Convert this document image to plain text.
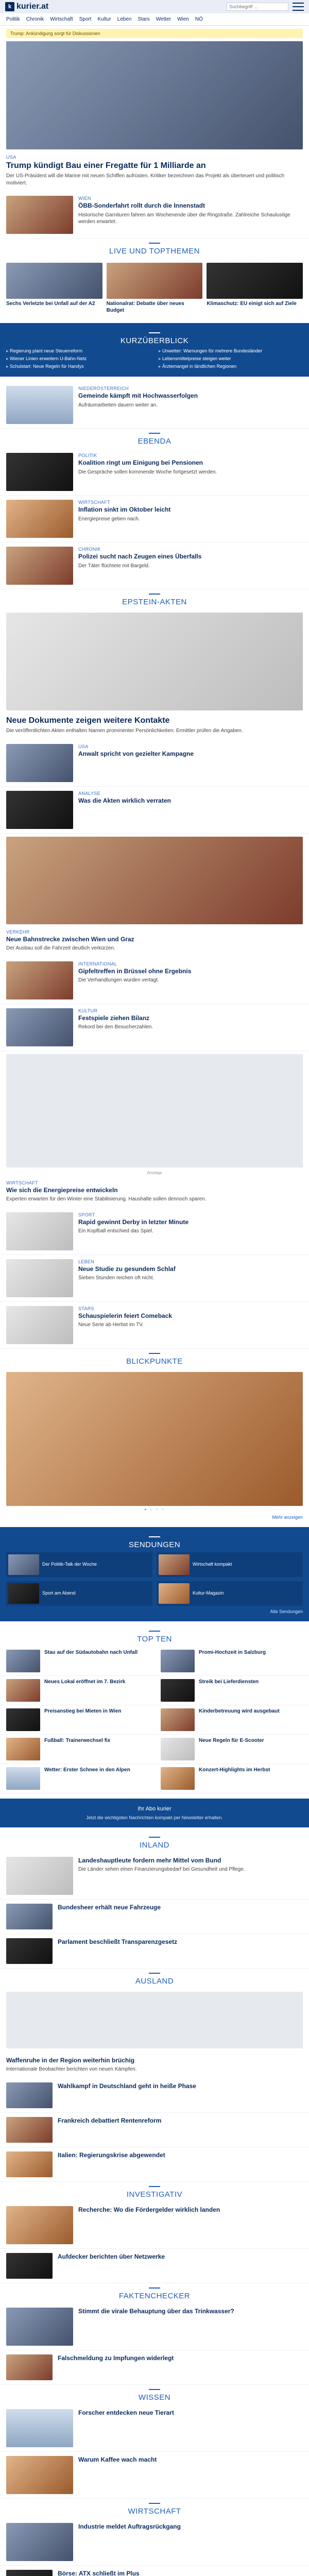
k kurier.at
Suchbegriff ...
Politik Chronik Wirtschaft Sport Kultur Leben Stars Wetter Wien NÖ
Trump: Ankündigung sorgt für Diskussionen
USA
Trump kündigt Bau einer Fregatte für 1 Milliarde an
Der US-Präsident will die Marine mit neuen Schiffen aufrüsten. Kritiker bezeichnen das Projekt als überteuert und politisch motiviert.
WIEN
ÖBB-Sonderfahrt rollt durch die Innenstadt
Historische Garnituren fahren am Wochenende über die Ringstraße. Zahlreiche Schaulustige werden erwartet.
LIVE UND TOPTHEMEN
Sechs Verletzte bei Unfall auf der A2	Nationalrat: Debatte über neues Budget
Klimaschutz: EU einigt sich auf Ziele
KURZÜBERBLICK
▸ Regierung plant neue Steuerreform	▸ Unwetter: Warnungen für mehrere Bundesländer
▸ Wiener Linien erweitern U-Bahn-Netz	▸ Lebensmittelpreise steigen weiter
▸ Schulstart: Neue Regeln für Handys	▸ Ärztemangel in ländlichen Regionen
NIEDERÖSTERREICH
Gemeinde kämpft mit Hochwasserfolgen
Aufräumarbeiten dauern weiter an.
EBENDA
POLITIK
Koalition ringt um Einigung bei Pensionen
Die Gespräche sollen kommende Woche fortgesetzt werden.
WIRTSCHAFT
Inflation sinkt im Oktober leicht
Energiepreise geben nach.
CHRONIK
Polizei sucht nach Zeugen eines Überfalls
Der Täter flüchtete mit Bargeld.
EPSTEIN-AKTEN
Neue Dokumente zeigen weitere Kontakte
Die veröffentlichten Akten enthalten Namen prominenter Persönlichkeiten. Ermittler prüfen die Angaben.
USA
Anwalt spricht von gezielter Kampagne
ANALYSE
Was die Akten wirklich verraten
VERKEHR
Neue Bahnstrecke zwischen Wien und Graz
Der Ausbau soll die Fahrzeit deutlich verkürzen.
INTERNATIONAL
Gipfeltreffen in Brüssel ohne Ergebnis
Die Verhandlungen wurden vertagt.
KULTUR
Festspiele ziehen Bilanz
Rekord bei den Besucherzahlen.
Anzeige
WIRTSCHAFT
Wie sich die Energiepreise entwickeln
Experten erwarten für den Winter eine Stabilisierung. Haushalte sollen dennoch sparen.
SPORT
Rapid gewinnt Derby in letzter Minute
Ein Kopfball entschied das Spiel.
LEBEN
Neue Studie zu gesundem Schlaf
Sieben Stunden reichen oft nicht.
STARS
Schauspielerin feiert Comeback
Neue Serie ab Herbst im TV.
BLICKPUNKTE
● ○ ○ ○
Mehr anzeigen
SENDUNGEN
Der Politik-Talk der Woche	Wirtschaft kompakt
Sport am Abend	Kultur-Magazin
Alle Sendungen
TOP TEN
Stau auf der Südautobahn nach Unfall
Neues Lokal eröffnet im 7. Bezirk
Preisanstieg bei Mieten in Wien
Fußball: Trainerwechsel fix
Wetter: Erster Schnee in den Alpen
Promi-Hochzeit in Salzburg
Streik bei Lieferdiensten
Kinderbetreuung wird ausgebaut
Neue Regeln für E-Scooter
Konzert-Highlights im Herbst
Ihr Abo kurier
Jetzt die wichtigsten Nachrichten kompakt per Newsletter erhalten.
INLAND
Landeshauptleute fordern mehr Mittel vom Bund
Die Länder sehen einen Finanzierungsbedarf bei Gesundheit und Pflege.
Bundesheer erhält neue Fahrzeuge
Parlament beschließt Transparenzgesetz
AUSLAND
Waffenruhe in der Region weiterhin brüchig
Internationale Beobachter berichten von neuen Kämpfen.
Wahlkampf in Deutschland geht in heiße Phase
Frankreich debattiert Rentenreform
Italien: Regierungskrise abgewendet
INVESTIGATIV
Recherche: Wo die Fördergelder wirklich landen
Aufdecker berichten über Netzwerke
FAKTENCHECKER
Stimmt die virale Behauptung über das Trinkwasser?
Falschmeldung zu Impfungen widerlegt
WISSEN
Forscher entdecken neue Tierart
Warum Kaffee wach macht
WIRTSCHAFT
Industrie meldet Auftragsrückgang
Börse: ATX schließt im Plus
